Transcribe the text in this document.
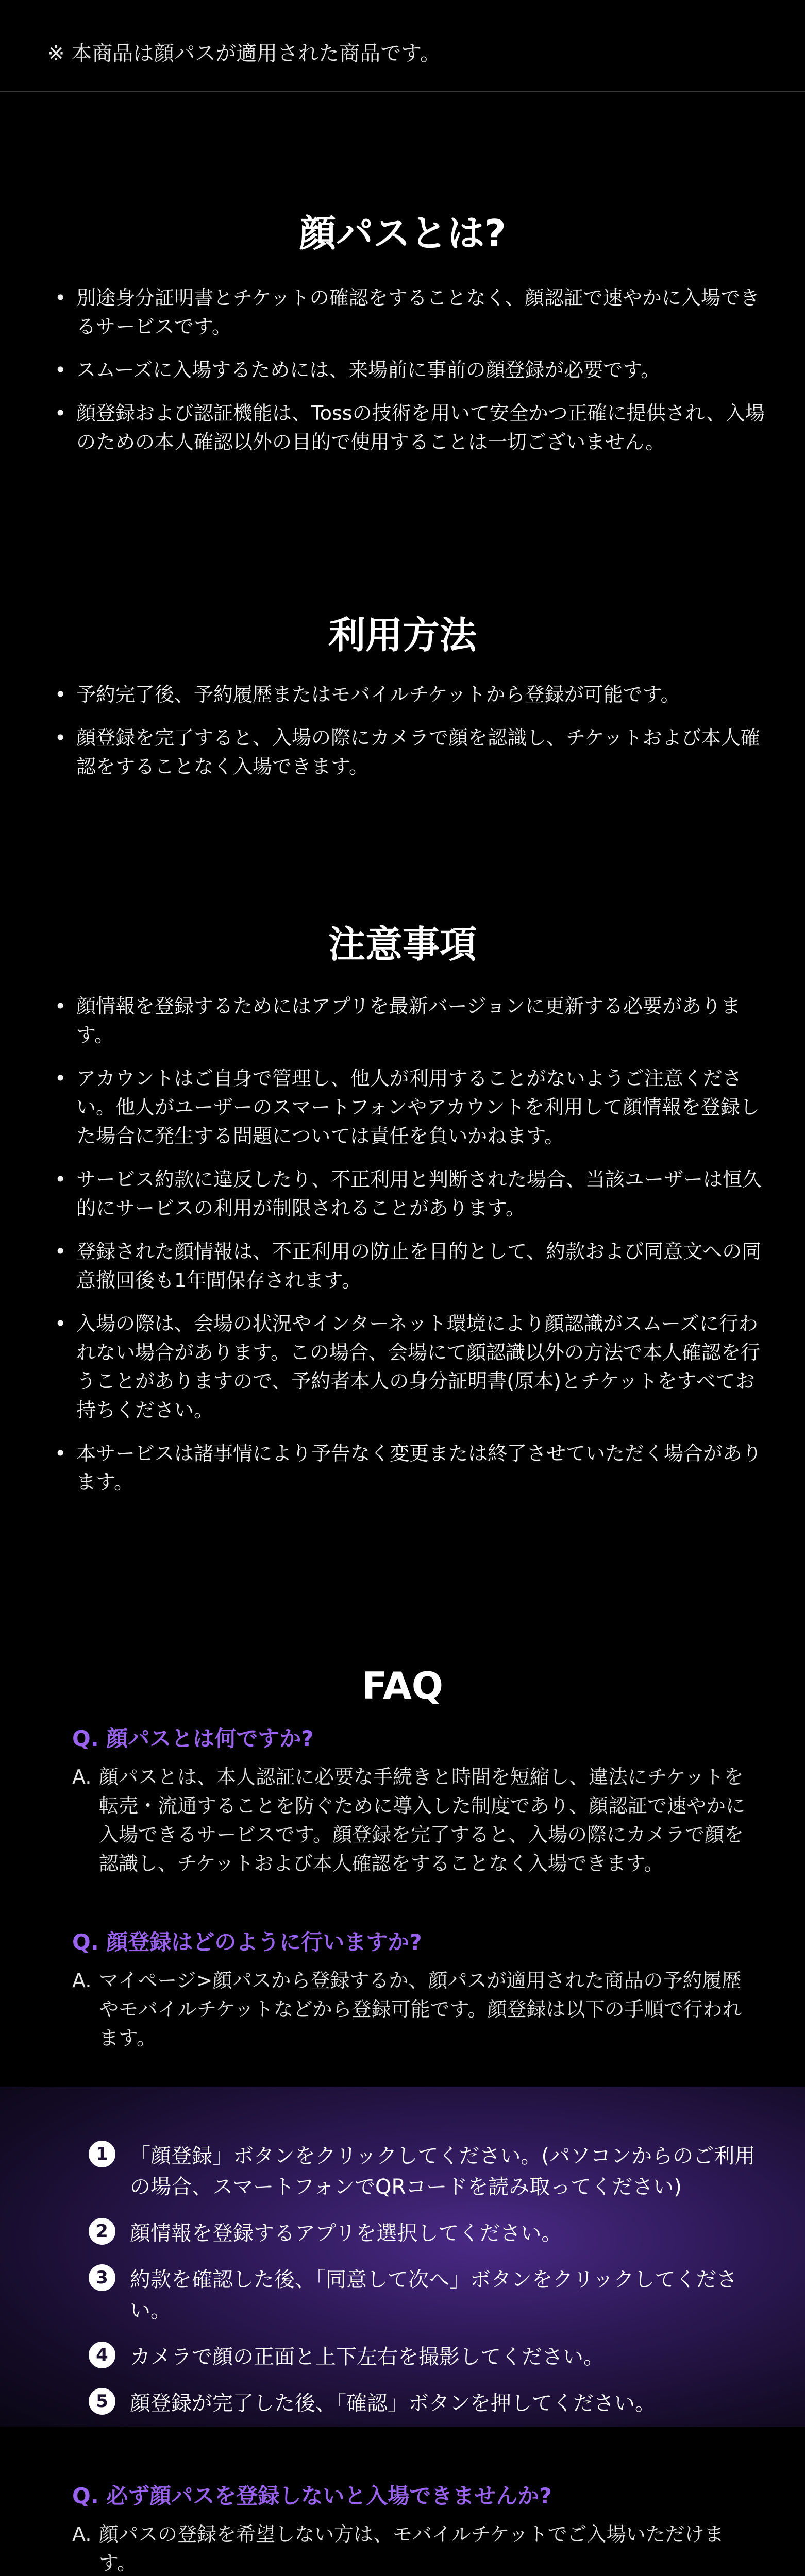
※ 本商品は顔パスが適用された商品です。
顔パスとは?
• 別途身分証明書とチケットの確認をすることなく、顔認証で速やかに入場できるサービスです。
• スムーズに入場するためには、来場前に事前の顔登録が必要です。
• 顔登録および認証機能は、Tossの技術を用いて安全かつ正確に提供され、入場のための本人確認以外の目的で使用することは一切ございません。
利用方法
• 予約完了後、予約履歴またはモバイルチケットから登録が可能です。
• 顔登録を完了すると、入場の際にカメラで顔を認識し、チケットおよび本人確認をすることなく入場できます。
注意事項
• 顔情報を登録するためにはアプリを最新バージョンに更新する必要があります。
• アカウントはご自身で管理し、他人が利用することがないようご注意ください。他人がユーザーのスマートフォンやアカウントを利用して顔情報を登録した場合に発生する問題については責任を負いかねます。
• サービス約款に違反したり、不正利用と判断された場合、当該ユーザーは恒久的にサービスの利用が制限されることがあります。
• 登録された顔情報は、不正利用の防止を目的として、約款および同意文への同意撤回後も1年間保存されます。
• 入場の際は、会場の状況やインターネット環境により顔認識がスムーズに行われない場合があります。この場合、会場にて顔認識以外の方法で本人確認を行うことがありますので、予約者本人の身分証明書(原本)とチケットをすべてお持ちください。
• 本サービスは諸事情により予告なく変更または終了させていただく場合があります。
FAQ

Q. 顔パスとは何ですか?

A. 顔パスとは、本人認証に必要な手続きと時間を短縮し、違法にチケットを転売・流通することを防ぐために導入した制度であり、顔認証で速やかに入場できるサービスです。顔登録を完了すると、入場の際にカメラで顔を認識し、チケットおよび本人確認をすることなく入場できます。

Q. 顔登録はどのように行いますか?

A. マイページ>顔パスから登録するか、顔パスが適用された商品の予約履歴やモバイルチケットなどから登録可能です。顔登録は以下の手順で行われます。

1	「顔登録」ボタンをクリックしてください。(パソコンからのご利用の場合、スマートフォンでQRコードを読み取ってください)
2	顔情報を登録するアプリを選択してください。
3	約款を確認した後、「同意して次へ」ボタンをクリックしてください。
4	カメラで顔の正面と上下左右を撮影してください。
5	顔登録が完了した後、「確認」ボタンを押してください。

Q. 必ず顔パスを登録しないと入場できませんか?

A. 顔パスの登録を希望しない方は、モバイルチケットでご入場いただけます。
